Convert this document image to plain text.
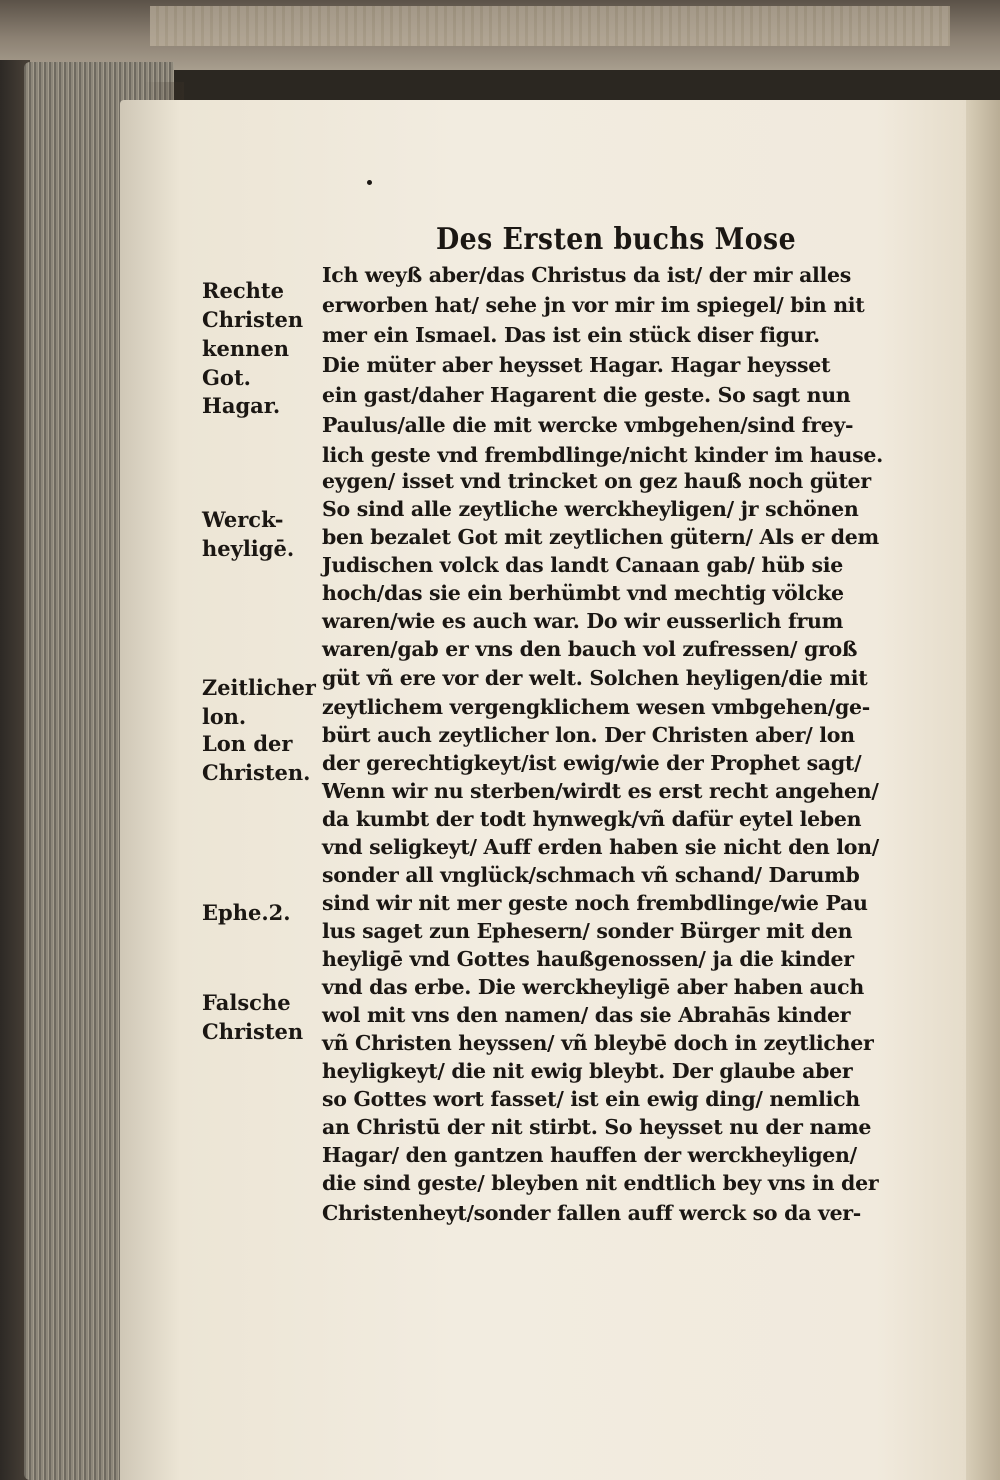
Des Ersten buchs Mose
Rechte
Christen
kennen
Got.
Hagar.
Werck-
heyligē.
Zeitlicher
lon.
Lon der
Christen.
Ephe.2.
Falsche
Christen
Ich weyß aber/das Christus da ist/ der mir alles
erworben hat/ sehe jn vor mir im spiegel/ bin nit
mer ein Ismael. Das ist ein stück diser figur.
Die müter aber heysset Hagar. Hagar heysset
ein gast/daher Hagarent die geste. So sagt nun
Paulus/alle die mit wercke vmbgehen/sind frey-
lich geste vnd frembdlinge/nicht kinder im hause.
eygen/ isset vnd trincket on gez hauß noch güter
So sind alle zeytliche werckheyligen/ jr schönen
ben bezalet Got mit zeytlichen gütern/ Als er dem
Judischen volck das landt Canaan gab/ hüb sie
hoch/das sie ein berhümbt vnd mechtig völcke
waren/wie es auch war. Do wir eusserlich frum
waren/gab er vns den bauch vol zufressen/ groß
güt vñ ere vor der welt. Solchen heyligen/die mit
zeytlichem vergengklichem wesen vmbgehen/ge-
bürt auch zeytlicher lon. Der Christen aber/ lon
der gerechtigkeyt/ist ewig/wie der Prophet sagt/
Wenn wir nu sterben/wirdt es erst recht angehen/
da kumbt der todt hynwegk/vñ dafür eytel leben
vnd seligkeyt/ Auff erden haben sie nicht den lon/
sonder all vnglück/schmach vñ schand/ Darumb
sind wir nit mer geste noch frembdlinge/wie Pau
lus saget zun Ephesern/ sonder Bürger mit den
heyligē vnd Gottes haußgenossen/ ja die kinder
vnd das erbe. Die werckheyligē aber haben auch
wol mit vns den namen/ das sie Abrahās kinder
vñ Christen heyssen/ vñ bleybē doch in zeytlicher
heyligkeyt/ die nit ewig bleybt. Der glaube aber
so Gottes wort fasset/ ist ein ewig ding/ nemlich
an Christū der nit stirbt. So heysset nu der name
Hagar/ den gantzen hauffen der werckheyligen/
die sind geste/ bleyben nit endtlich bey vns in der
Christenheyt/sonder fallen auff werck so da ver-
